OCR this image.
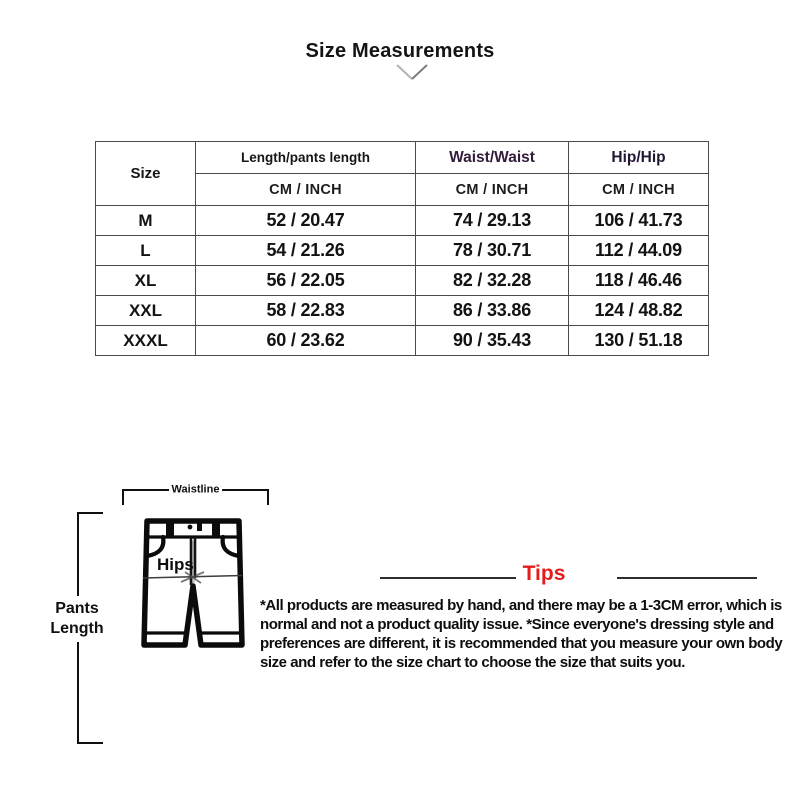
Size Measurements
Size	Length/pants length	Waist/Waist	Hip/Hip
	CM / INCH	CM / INCH	CM / INCH
M	52 / 20.47	74 / 29.13	106 / 41.73
L	54 / 21.26	78 / 30.71	112 / 44.09
XL	56 / 22.05	82 / 32.28	118 / 46.46
XXL	58 / 22.83	86 / 33.86	124 / 48.82
XXXL	60 / 23.62	90 / 35.43	130 / 51.18
Waistline
Pants Length
Hips	Tips
*All products are measured by hand, and there may be a 1-3CM error, which is normal and not a product quality issue. *Since everyone's dressing style and preferences are different, it is recommended that you measure your own body size and refer to the size chart to choose the size that suits you.
